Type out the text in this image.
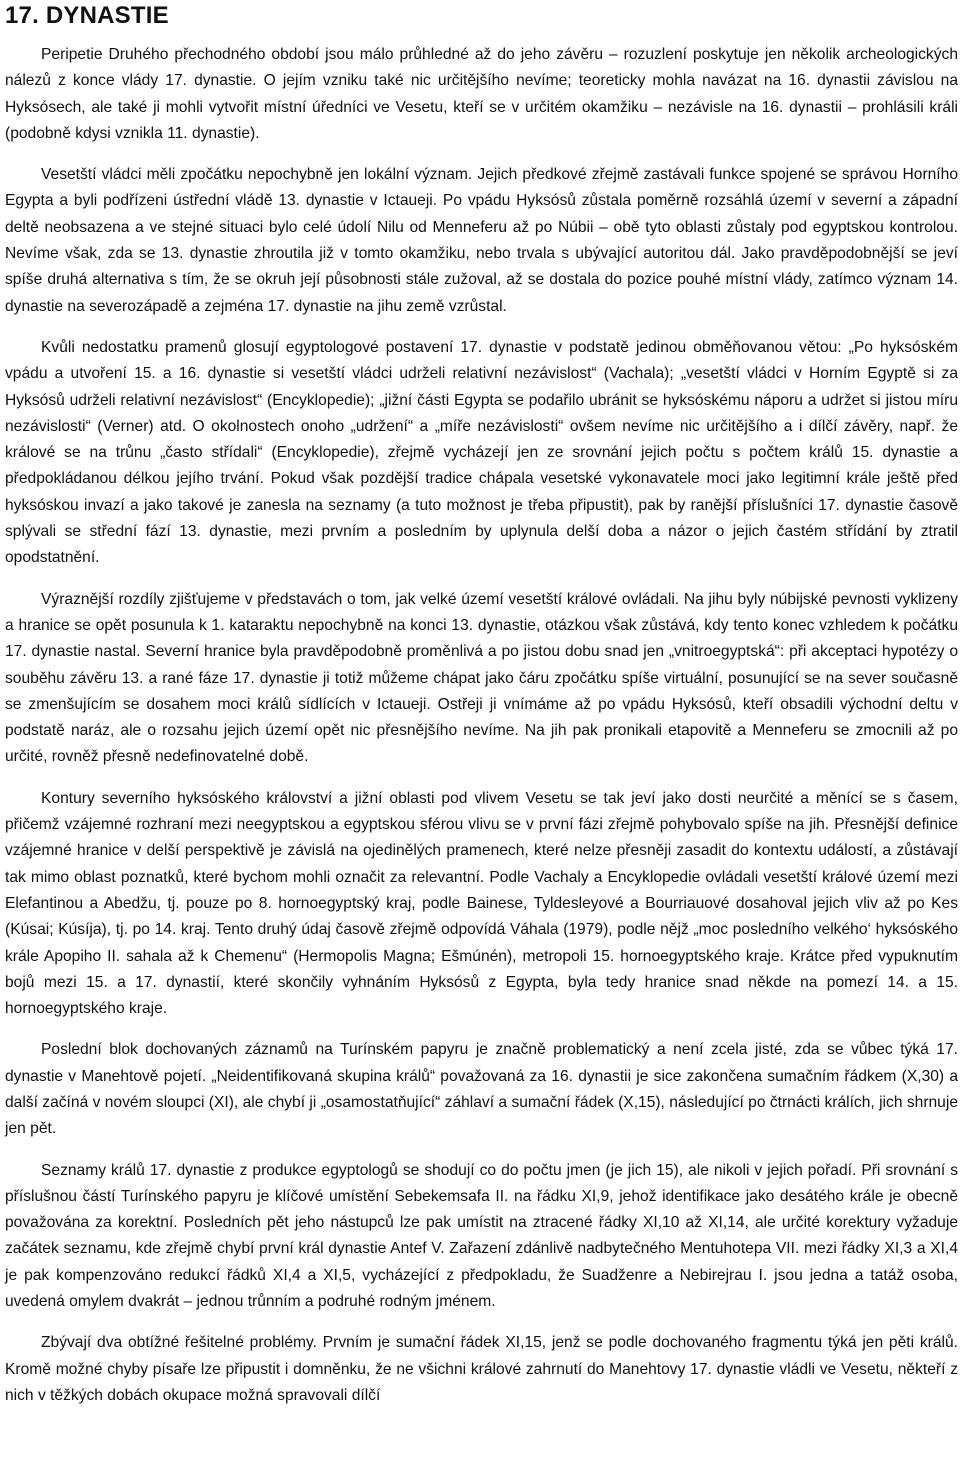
17. DYNASTIE

Peripetie Druhého přechodného období jsou málo průhledné až do jeho závěru – rozuzlení poskytuje jen několik archeologických nálezů z konce vlády 17. dynastie. O jejím vzniku také nic určitějšího nevíme; teoreticky mohla navázat na 16. dynastii závislou na Hyksósech, ale také ji mohli vytvořit místní úředníci ve Vesetu, kteří se v určitém okamžiku – nezávisle na 16. dynastii – prohlásili králi (podobně kdysi vznikla 11. dynastie).

Vesetští vládci měli zpočátku nepochybně jen lokální význam. Jejich předkové zřejmě zastávali funkce spojené se správou Horního Egypta a byli podřízeni ústřední vládě 13. dynastie v Ictaueji. Po vpádu Hyksósů zůstala poměrně rozsáhlá území v severní a západní deltě neobsazena a ve stejné situaci bylo celé údolí Nilu od Menneferu až po Núbii – obě tyto oblasti zůstaly pod egyptskou kontrolou. Nevíme však, zda se 13. dynastie zhroutila již v tomto okamžiku, nebo trvala s ubývající autoritou dál. Jako pravděpodobnější se jeví spíše druhá alternativa s tím, že se okruh její působnosti stále zužoval, až se dostala do pozice pouhé místní vlády, zatímco význam 14. dynastie na severozápadě a zejména 17. dynastie na jihu země vzrůstal.

Kvůli nedostatku pramenů glosují egyptologové postavení 17. dynastie v podstatě jedinou obměňovanou větou: „Po hyksóském vpádu a utvoření 15. a 16. dynastie si vesetští vládci udrželi relativní nezávislost“ (Vachala); „vesetští vládci v Horním Egyptě si za Hyksósů udrželi relativní nezávislost“ (Encyklopedie); „jižní části Egypta se podařilo ubránit se hyksóskému náporu a udržet si jistou míru nezávislosti“ (Verner) atd. O okolnostech onoho „udržení“ a „míře nezávislosti“ ovšem nevíme nic určitějšího a i dílčí závěry, např. že králové se na trůnu „často střídali“ (Encyklopedie), zřejmě vycházejí jen ze srovnání jejich počtu s počtem králů 15. dynastie a předpokládanou délkou jejího trvání. Pokud však pozdější tradice chápala vesetské vykonavatele moci jako legitimní krále ještě před hyksóskou invazí a jako takové je zanesla na seznamy (a tuto možnost je třeba připustit), pak by ranější příslušníci 17. dynastie časově splývali se střední fází 13. dynastie, mezi prvním a posledním by uplynula delší doba a názor o jejich častém střídání by ztratil opodstatnění.

Výraznější rozdíly zjišťujeme v představách o tom, jak velké území vesetští králové ovládali. Na jihu byly núbijské pevnosti vyklizeny a hranice se opět posunula k 1. kataraktu nepochybně na konci 13. dynastie, otázkou však zůstává, kdy tento konec vzhledem k počátku 17. dynastie nastal. Severní hranice byla pravděpodobně proměnlivá a po jistou dobu snad jen „vnitroegyptská“: při akceptaci hypotézy o souběhu závěru 13. a rané fáze 17. dynastie ji totiž můžeme chápat jako čáru zpočátku spíše virtuální, posunující se na sever současně se zmenšujícím se dosahem moci králů sídlících v Ictaueji. Ostřeji ji vnímáme až po vpádu Hyksósů, kteří obsadili východní deltu v podstatě naráz, ale o rozsahu jejich území opět nic přesnějšího nevíme. Na jih pak pronikali etapovitě a Menneferu se zmocnili až po určité, rovněž přesně nedefinovatelné době.

Kontury severního hyksóského království a jižní oblasti pod vlivem Vesetu se tak jeví jako dosti neurčité a měnící se s časem, přičemž vzájemné rozhraní mezi neegyptskou a egyptskou sférou vlivu se v první fázi zřejmě pohybovalo spíše na jih. Přesnější definice vzájemné hranice v delší perspektivě je závislá na ojedinělých pramenech, které nelze přesněji zasadit do kontextu událostí, a zůstávají tak mimo oblast poznatků, které bychom mohli označit za relevantní. Podle Vachaly a Encyklopedie ovládali vesetští králové území mezi Elefantinou a Abedžu, tj. pouze po 8. hornoegyptský kraj, podle Bainese, Tyldesleyové a Bourriauové dosahoval jejich vliv až po Kes (Kúsai; Kúsíja), tj. po 14. kraj. Tento druhý údaj časově zřejmě odpovídá Váhala (1979), podle nějž „moc posledního velkého‘ hyksóského krále Apopiho II. sahala až k Chemenu“ (Hermopolis Magna; Ešmúnén), metropoli 15. hornoegyptského kraje. Krátce před vypuknutím bojů mezi 15. a 17. dynastií, které skončily vyhnáním Hyksósů z Egypta, byla tedy hranice snad někde na pomezí 14. a 15. hornoegyptského kraje.

Poslední blok dochovaných záznamů na Turínském papyru je značně problematický a není zcela jisté, zda se vůbec týká 17. dynastie v Manehtově pojetí. „Neidentifikovaná skupina králů“ považovaná za 16. dynastii je sice zakončena sumačním řádkem (X,30) a další začíná v novém sloupci (XI), ale chybí ji „osamostatňující“ záhlaví a sumační řádek (X,15), následující po čtrnácti králích, jich shrnuje jen pět.

Seznamy králů 17. dynastie z produkce egyptologů se shodují co do počtu jmen (je jich 15), ale nikoli v jejich pořadí. Při srovnání s příslušnou částí Turínského papyru je klíčové umístění Sebekemsafa II. na řádku XI,9, jehož identifikace jako desátého krále je obecně považována za korektní. Posledních pět jeho nástupců lze pak umístit na ztracené řádky XI,10 až XI,14, ale určité korektury vyžaduje začátek seznamu, kde zřejmě chybí první král dynastie Antef V. Zařazení zdánlivě nadbytečného Mentuhotepa VII. mezi řádky XI,3 a XI,4 je pak kompenzováno redukcí řádků XI,4 a XI,5, vycházející z předpokladu, že Suadženre a Nebirejrau I. jsou jedna a tatáž osoba, uvedená omylem dvakrát – jednou trůnním a podruhé rodným jménem.

Zbývají dva obtížné řešitelné problémy. Prvním je sumační řádek XI,15, jenž se podle dochovaného fragmentu týká jen pěti králů. Kromě možné chyby písaře lze připustit i domněnku, že ne všichni králové zahrnutí do Manehtovy 17. dynastie vládli ve Vesetu, někteří z nich v těžkých dobách okupace možná spravovali dílčí
